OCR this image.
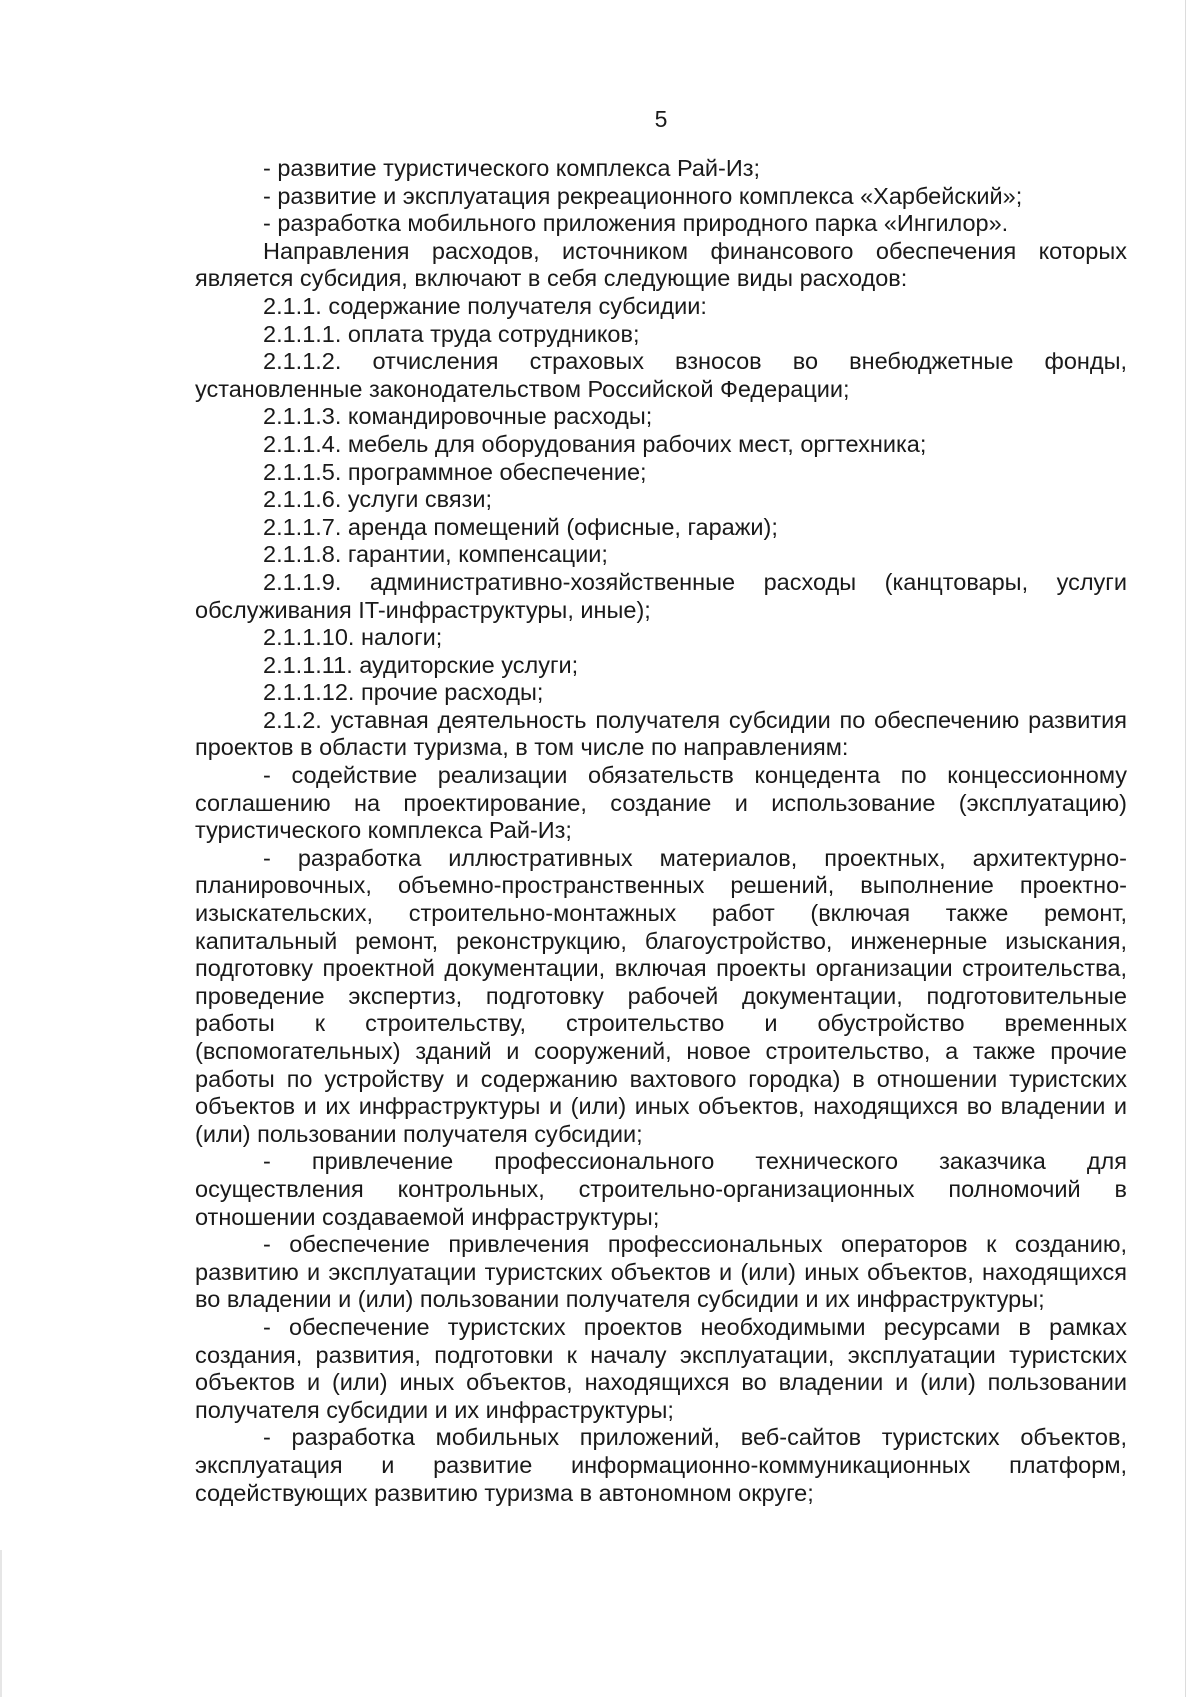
5

- развитие туристического комплекса Рай-Из;

- развитие и эксплуатация рекреационного комплекса «Харбейский»;

- разработка мобильного приложения природного парка «Ингилор».

Направления расходов, источником финансового обеспечения которых является субсидия, включают в себя следующие виды расходов:

2.1.1. содержание получателя субсидии:

2.1.1.1. оплата труда сотрудников;

2.1.1.2. отчисления страховых взносов во внебюджетные фонды, установленные законодательством Российской Федерации;

2.1.1.3. командировочные расходы;

2.1.1.4. мебель для оборудования рабочих мест, оргтехника;

2.1.1.5. программное обеспечение;

2.1.1.6. услуги связи;

2.1.1.7. аренда помещений (офисные, гаражи);

2.1.1.8. гарантии, компенсации;

2.1.1.9. административно-хозяйственные расходы (канцтовары, услуги обслуживания IT-инфраструктуры, иные);

2.1.1.10. налоги;

2.1.1.11. аудиторские услуги;

2.1.1.12. прочие расходы;

2.1.2. уставная деятельность получателя субсидии по обеспечению развития проектов в области туризма, в том числе по направлениям:

- содействие реализации обязательств концедента по концессионному соглашению на проектирование, создание и использование (эксплуатацию) туристического комплекса Рай-Из;

- разработка иллюстративных материалов, проектных, архитектурно-планировочных, объемно-пространственных решений, выполнение проектно-изыскательских, строительно-монтажных работ (включая также ремонт, капитальный ремонт, реконструкцию, благоустройство, инженерные изыскания, подготовку проектной документации, включая проекты организации строительства, проведение экспертиз, подготовку рабочей документации, подготовительные работы к строительству, строительство и обустройство временных (вспомогательных) зданий и сооружений, новое строительство, а также прочие работы по устройству и содержанию вахтового городка) в отношении туристских объектов и их инфраструктуры и (или) иных объектов, находящихся во владении и (или) пользовании получателя субсидии;

- привлечение профессионального технического заказчика для осуществления контрольных, строительно-организационных полномочий в отношении создаваемой инфраструктуры;

- обеспечение привлечения профессиональных операторов к созданию, развитию и эксплуатации туристских объектов и (или) иных объектов, находящихся во владении и (или) пользовании получателя субсидии и их инфраструктуры;

- обеспечение туристских проектов необходимыми ресурсами в рамках создания, развития, подготовки к началу эксплуатации, эксплуатации туристских объектов и (или) иных объектов, находящихся во владении и (или) пользовании получателя субсидии и их инфраструктуры;

- разработка мобильных приложений, веб-сайтов туристских объектов, эксплуатация и развитие информационно-коммуникационных платформ, содействующих развитию туризма в автономном округе;
